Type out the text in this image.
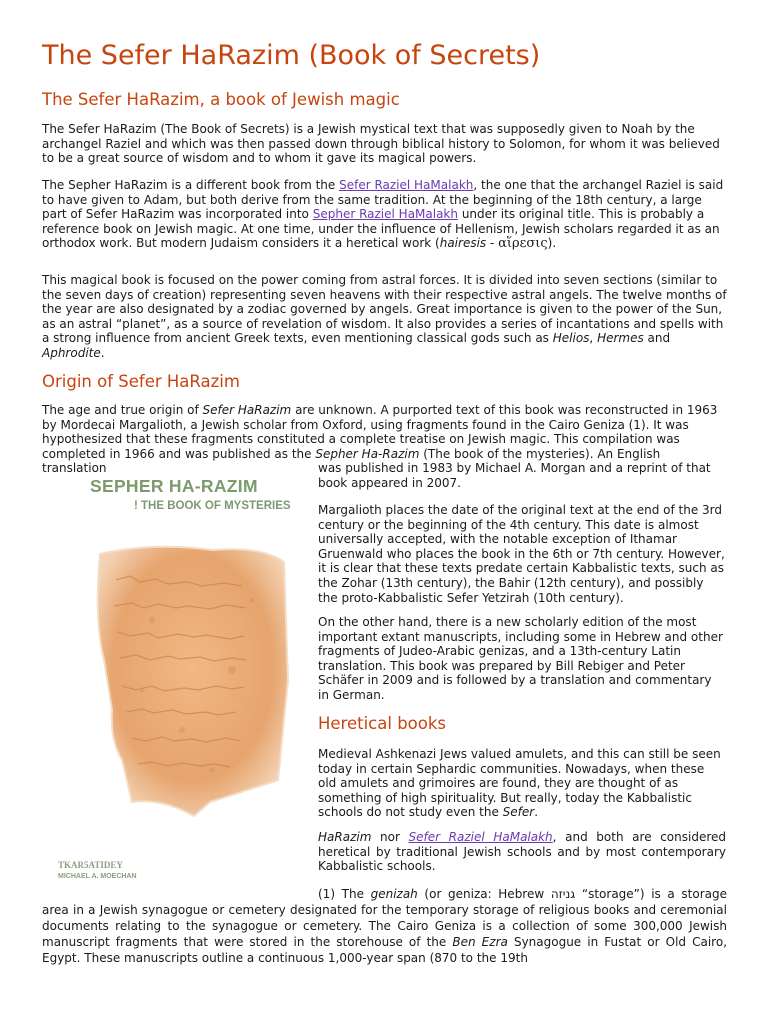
The Sefer HaRazim (Book of Secrets)
The Sefer HaRazim, a book of Jewish magic

The Sefer HaRazim (The Book of Secrets) is a Jewish mystical text that was supposedly given to Noah by the archangel Raziel and which was then passed down through biblical history to Solomon, for whom it was believed to be a great source of wisdom and to whom it gave its magical powers.

The Sepher HaRazim is a different book from the Sefer Raziel HaMalakh, the one that the archangel Raziel is said to have given to Adam, but both derive from the same tradition. At the beginning of the 18th century, a large part of Sefer HaRazim was incorporated into Sepher Raziel HaMalakh under its original title. This is probably a reference book on Jewish magic. At one time, under the influence of Hellenism, Jewish scholars regarded it as an orthodox work. But modern Judaism considers it a heretical work (hairesis - αἵρεσις).

This magical book is focused on the power coming from astral forces. It is divided into seven sections (similar to the seven days of creation) representing seven heavens with their respective astral angels. The twelve months of the year are also designated by a zodiac governed by angels. Great importance is given to the power of the Sun, as an astral “planet”, as a source of revelation of wisdom. It also provides a series of incantations and spells with a strong influence from ancient Greek texts, even mentioning classical gods such as Helios, Hermes and Aphrodite.

Origin of Sefer HaRazim

The age and true origin of Sefer HaRazim are unknown. A purported text of this book was reconstructed in 1963 by Mordecai Margalioth, a Jewish scholar from Oxford, using fragments found in the Cairo Geniza (1). It was hypothesized that these fragments constituted a complete treatise on Jewish magic. This compilation was completed in 1966 and was published as the Sepher Ha-Razim (The book of the mysteries). An English translation	was published in 1983 by Michael A. Morgan and a reprint of that book appeared in 2007.

Margalioth places the date of the original text at the end of the 3rd century or the beginning of the 4th century. This date is almost universally accepted, with the notable exception of Ithamar Gruenwald who places the book in the 6th or 7th century. However, it is clear that these texts predate certain Kabbalistic texts, such as the Zohar (13th century), the Bahir (12th century), and possibly the proto-Kabbalistic Sefer Yetzirah (10th century).

On the other hand, there is a new scholarly edition of the most important extant manuscripts, including some in Hebrew and other fragments of Judeo-Arabic genizas, and a 13th-century Latin translation. This book was prepared by Bill Rebiger and Peter Schäfer in 2009 and is followed by a translation and commentary in German.

Heretical books

Medieval Ashkenazi Jews valued amulets, and this can still be seen today in certain Sephardic communities. Nowadays, when these old amulets and grimoires are found, they are thought of as something of high spirituality. But really, today the Kabbalistic schools do not study even the Sefer.

HaRazim nor Sefer Raziel HaMalakh, and both are considered heretical by traditional Jewish schools and by most contemporary Kabbalistic schools.

(1) The genizah (or geniza: Hebrew גניזה “storage”) is a storage area in a Jewish synagogue or cemetery designated for the temporary storage of religious books and ceremonial documents relating to the synagogue or cemetery. The Cairo Geniza is a collection of some 300,000 Jewish manuscript fragments that were stored in the storehouse of the Ben Ezra Synagogue in Fustat or Old Cairo, Egypt. These manuscripts outline a continuous 1,000-year span (870 to the 19th

SEPHER HA-RAZIM
! THE BOOK OF MYSTERIES
TKAR5ATIDEY
MICHAEL A. MOECHAN
